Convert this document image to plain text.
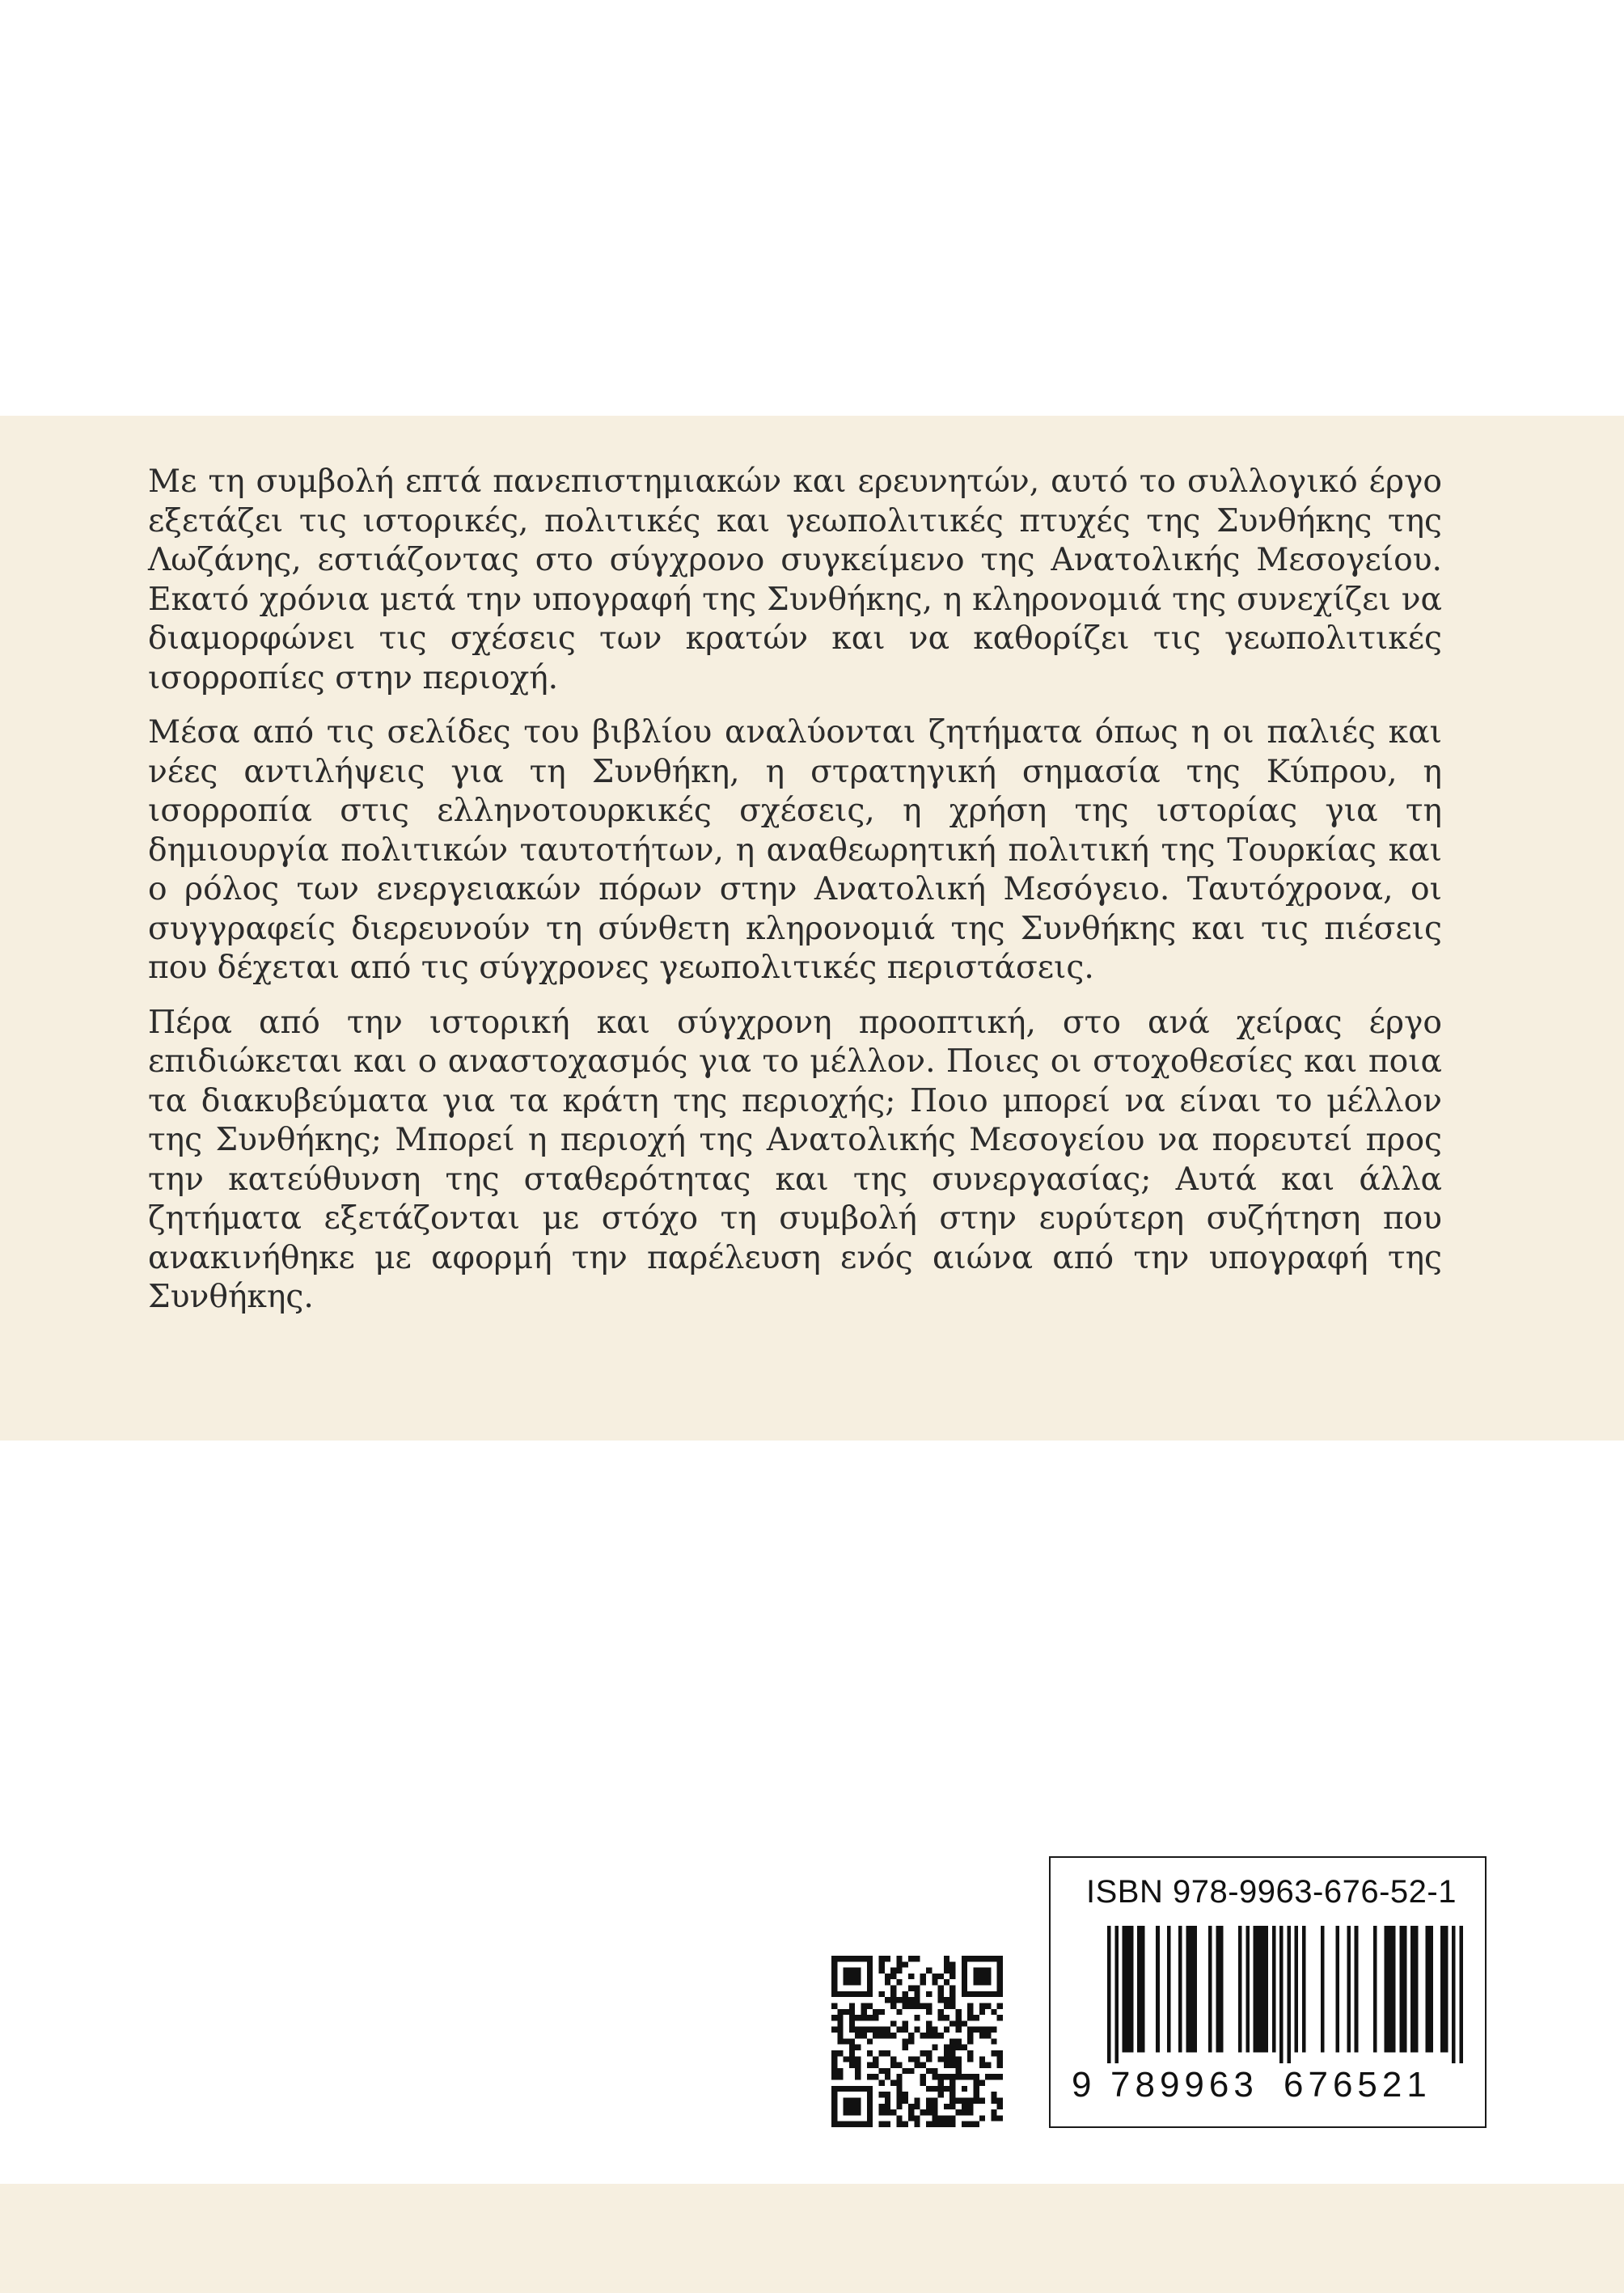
Με τη συμβολή επτά πανεπιστημιακών και ερευνητών, αυτό το συλλογικό έργο εξετάζει τις ιστορικές, πολιτικές και γεωπολιτικές πτυχές της Συνθήκης της Λωζάνης, εστιάζοντας στο σύγχρονο συγκείμενο της Ανατολικής Μεσογείου. Εκατό χρόνια μετά την υπογραφή της Συνθήκης, η κληρονομιά της συνεχίζει να διαμορφώνει τις σχέσεις των κρατών και να καθορίζει τις γεωπολιτικές ισορροπίες στην περιοχή.

Μέσα από τις σελίδες του βιβλίου αναλύονται ζητήματα όπως η οι παλιές και νέες αντιλήψεις για τη Συνθήκη, η στρατηγική σημασία της Κύπρου, η ισορροπία στις ελληνοτουρκικές σχέσεις, η χρήση της ιστορίας για τη δημιουργία πολιτικών ταυτοτήτων, η αναθεωρητική πολιτική της Τουρκίας και ο ρόλος των ενεργειακών πόρων στην Ανατολική Μεσόγειο. Ταυτόχρονα, οι συγγραφείς διερευνούν τη σύνθετη κληρονομιά της Συνθήκης και τις πιέσεις που δέχεται από τις σύγχρονες γεωπολιτικές περιστάσεις.

Πέρα από την ιστορική και σύγχρονη προοπτική, στο ανά χείρας έργο επιδιώκεται και ο αναστοχασμός για το μέλλον. Ποιες οι στοχοθεσίες και ποια τα διακυβεύματα για τα κράτη της περιοχής; Ποιο μπορεί να είναι το μέλλον της Συνθήκης; Μπορεί η περιοχή της Ανατολικής Μεσογείου να πορευτεί προς την κατεύθυνση της σταθερότητας και της συνεργασίας; Αυτά και άλλα ζητήματα εξετάζονται με στόχο τη συμβολή στην ευρύτερη συζήτηση που ανακινήθηκε με αφορμή την παρέλευση ενός αιώνα από την υπογραφή της Συνθήκης.

ISBN 978-9963-676-52-1
9 789963 676521
